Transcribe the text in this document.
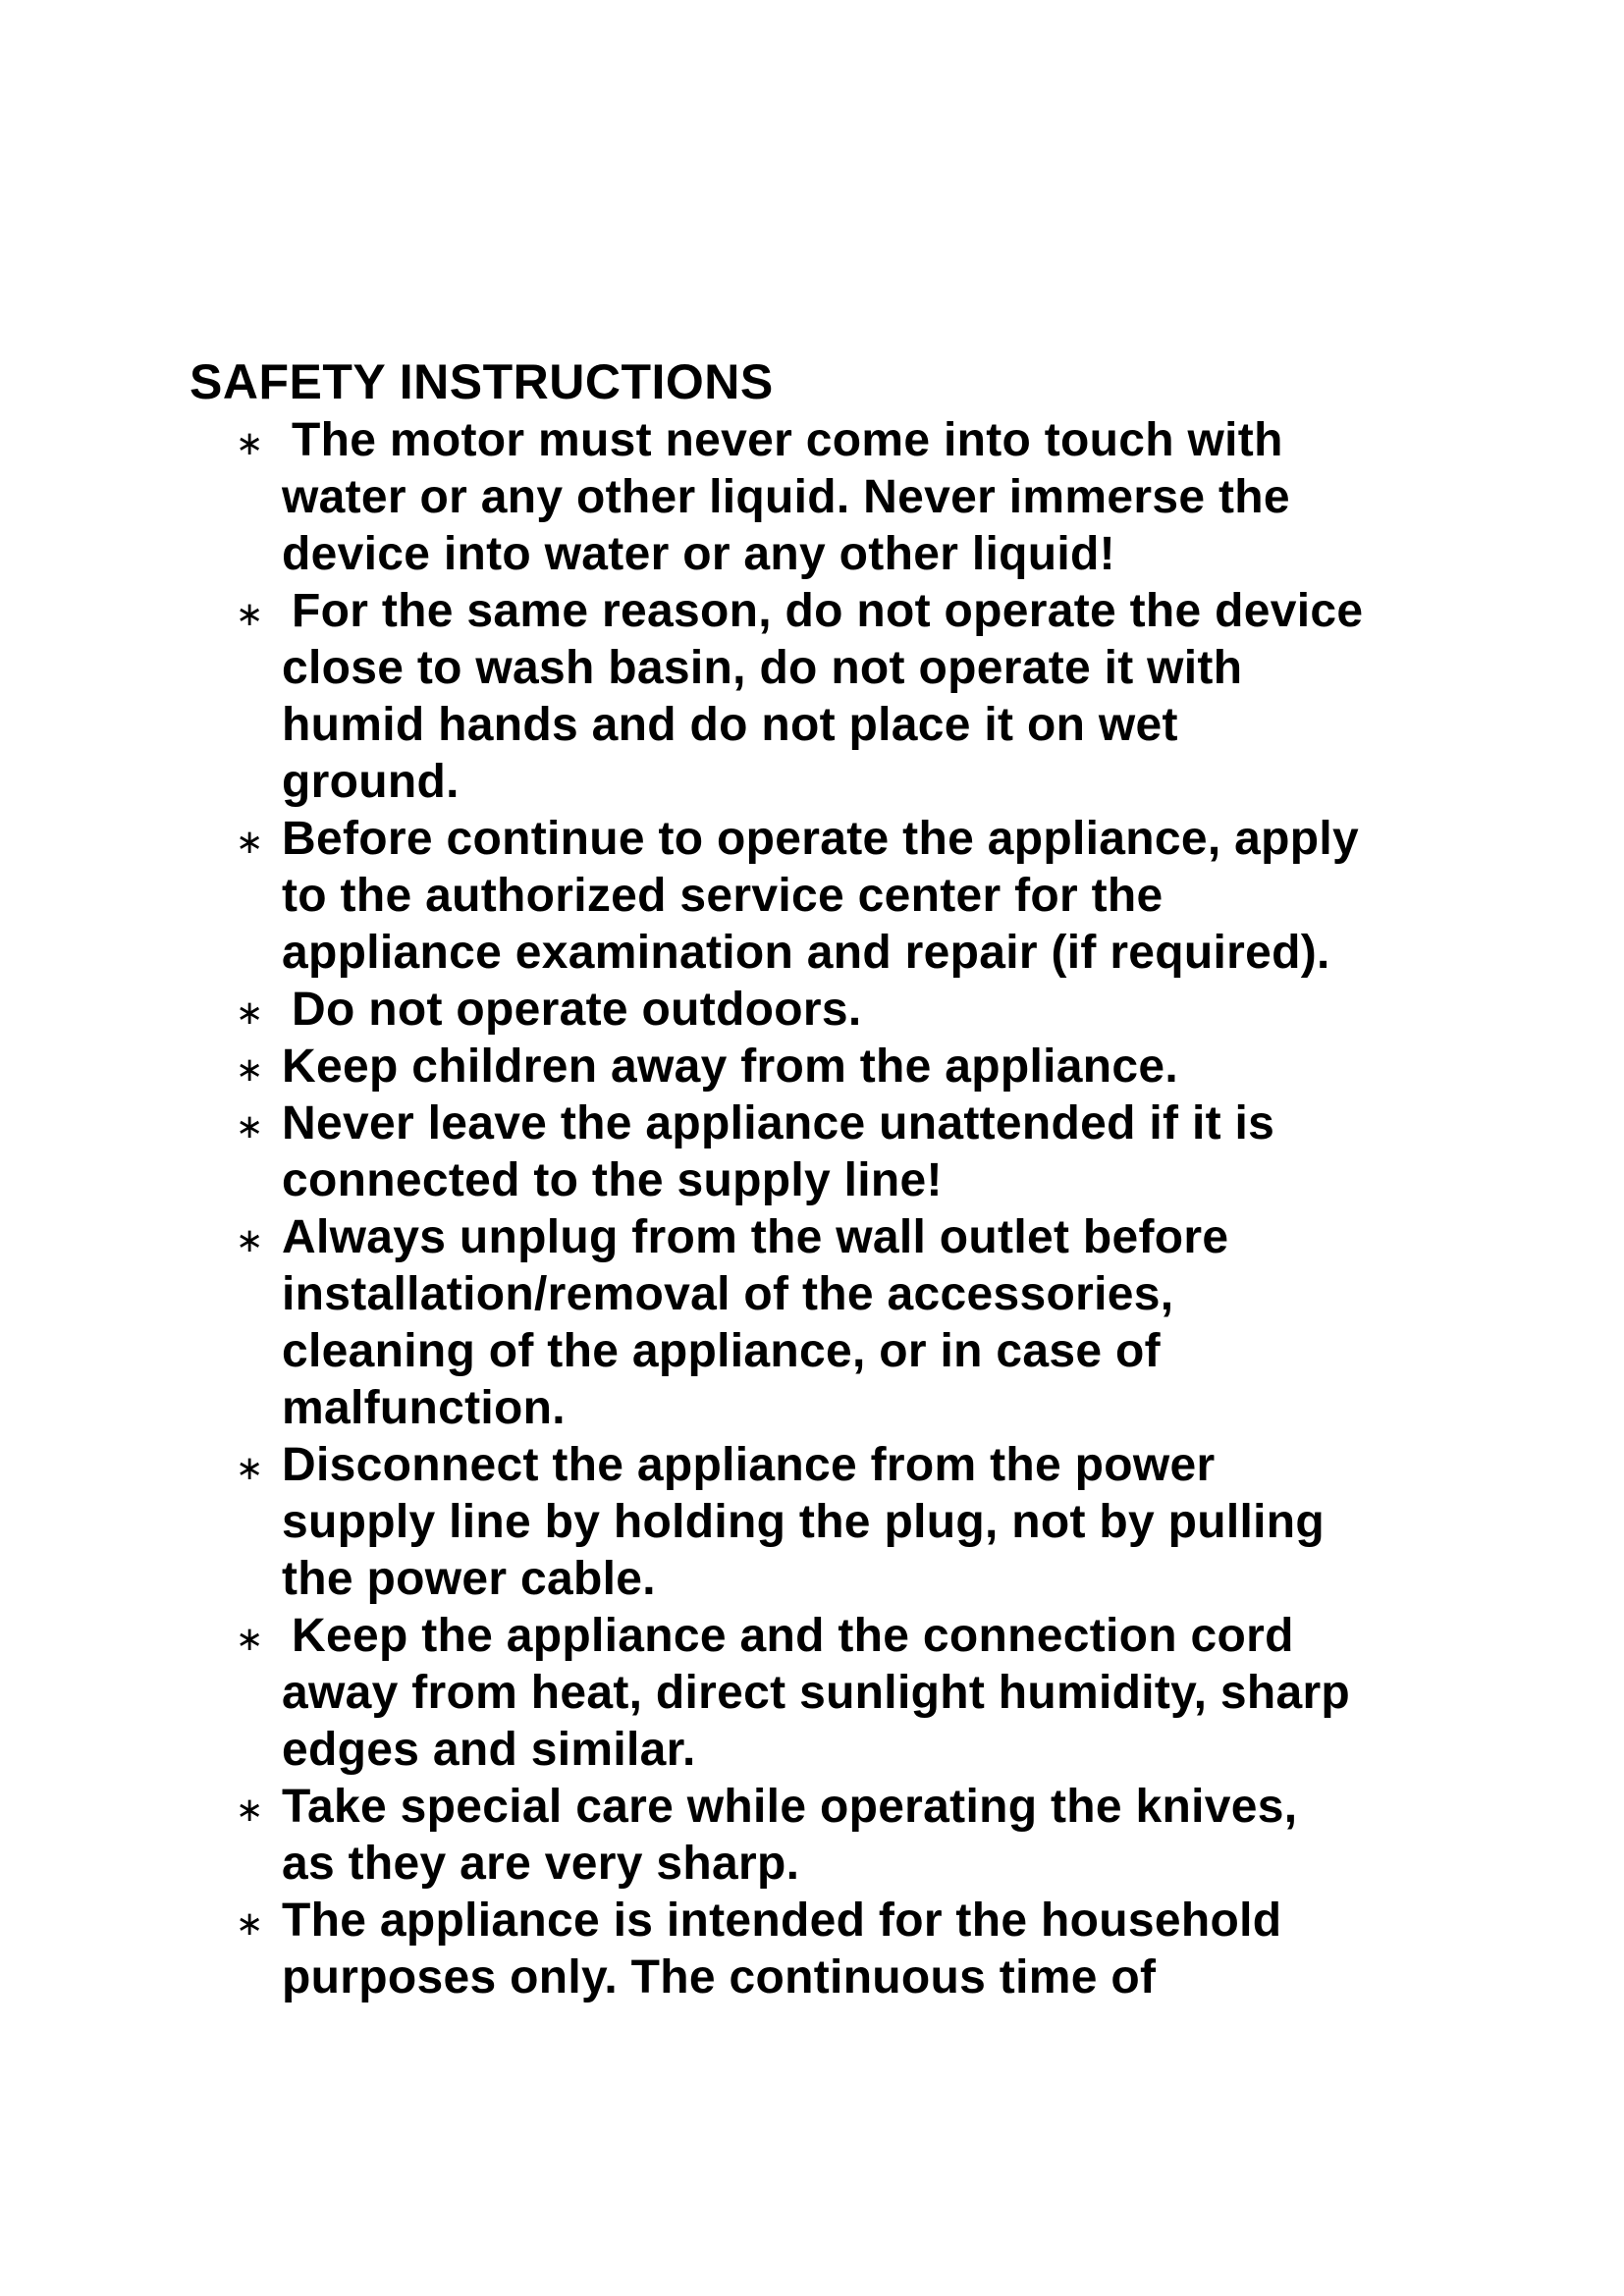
SAFETY INSTRUCTIONS
∗ The motor must never come into touch with
water or any other liquid. Never immerse the
device into water or any other liquid!
∗ For the same reason, do not operate the device
close to wash basin, do not operate it with
humid hands and do not place it on wet
ground.
∗ Before continue to operate the appliance, apply
to the authorized service center for the
appliance examination and repair (if required).
∗ Do not operate outdoors.
∗ Keep children away from the appliance.
∗ Never leave the appliance unattended if it is
connected to the supply line!
∗ Always unplug from the wall outlet before
installation/removal of the accessories,
cleaning of the appliance, or in case of
malfunction.
∗ Disconnect the appliance from the power
supply line by holding the plug, not by pulling
the power cable.
∗ Keep the appliance and the connection cord
away from heat, direct sunlight humidity, sharp
edges and similar.
∗ Take special care while operating the knives,
as they are very sharp.
∗ The appliance is intended for the household
purposes only. The continuous time of
